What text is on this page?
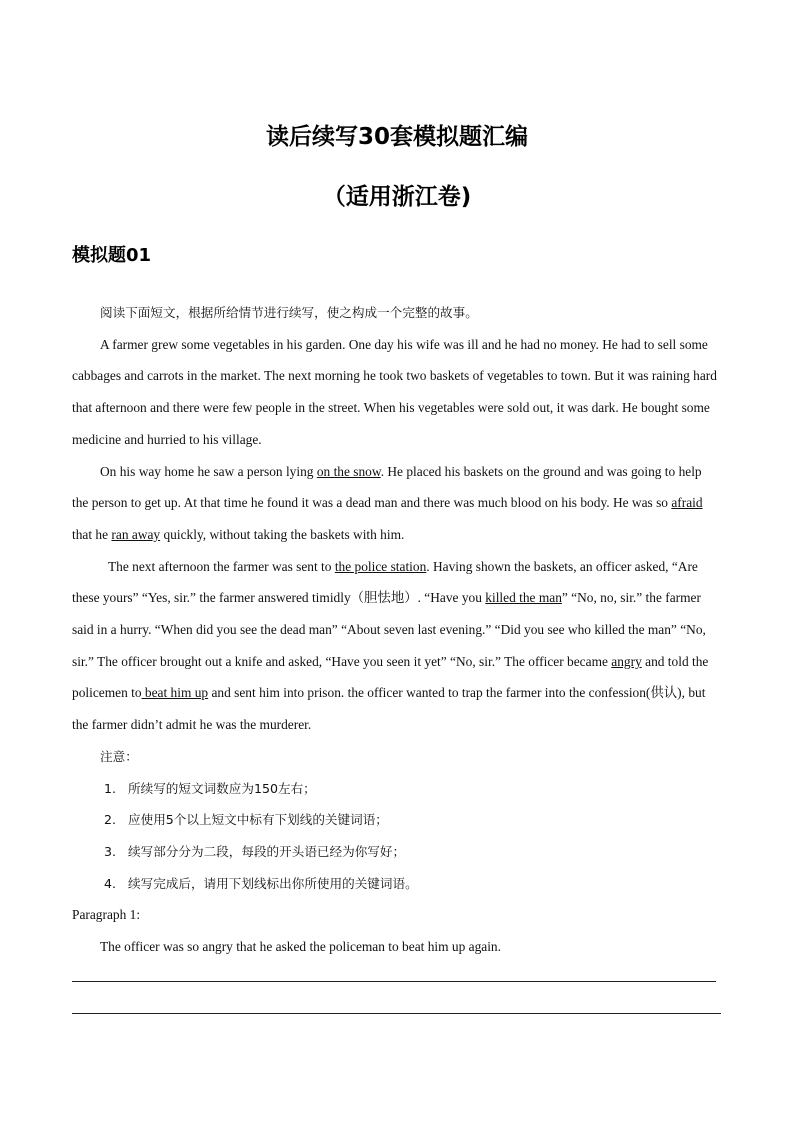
读后续写30套模拟题汇编
（适用浙江卷)
模拟题01

阅读下面短文，根据所给情节进行续写，使之构成一个完整的故事。

A farmer grew some vegetables in his garden. One day his wife was ill and he had no money. He had to sell some cabbages and carrots in the market. The next morning he took two baskets of vegetables to town. But it was raining hard that afternoon and there were few people in the street. When his vegetables were sold out, it was dark. He bought some medicine and hurried to his village.

On his way home he saw a person lying on the snow. He placed his baskets on the ground and was going to help the person to get up. At that time he found it was a dead man and there was much blood on his body. He was so afraid that he ran away quickly, without taking the baskets with him.

The next afternoon the farmer was sent to the police station. Having shown the baskets, an officer asked, “Are these yours” “Yes, sir.” the farmer answered timidly（胆怯地）. “Have you killed the man” “No, no, sir.” the farmer said in a hurry. “When did you see the dead man” “About seven last evening.” “Did you see who killed the man” “No, sir.” The officer brought out a knife and asked, “Have you seen it yet” “No, sir.” The officer became angry and told the policemen to beat him up and sent him into prison. the officer wanted to trap the farmer into the confession(供认), but the farmer didn’t admit he was the murderer.

注意：

1. 所续写的短文词数应为150左右；

2. 应使用5个以上短文中标有下划线的关键词语；

3. 续写部分分为二段，每段的开头语已经为你写好；

4. 续写完成后，请用下划线标出你所使用的关键词语。

Paragraph 1:

The officer was so angry that he asked the policeman to beat him up again.
